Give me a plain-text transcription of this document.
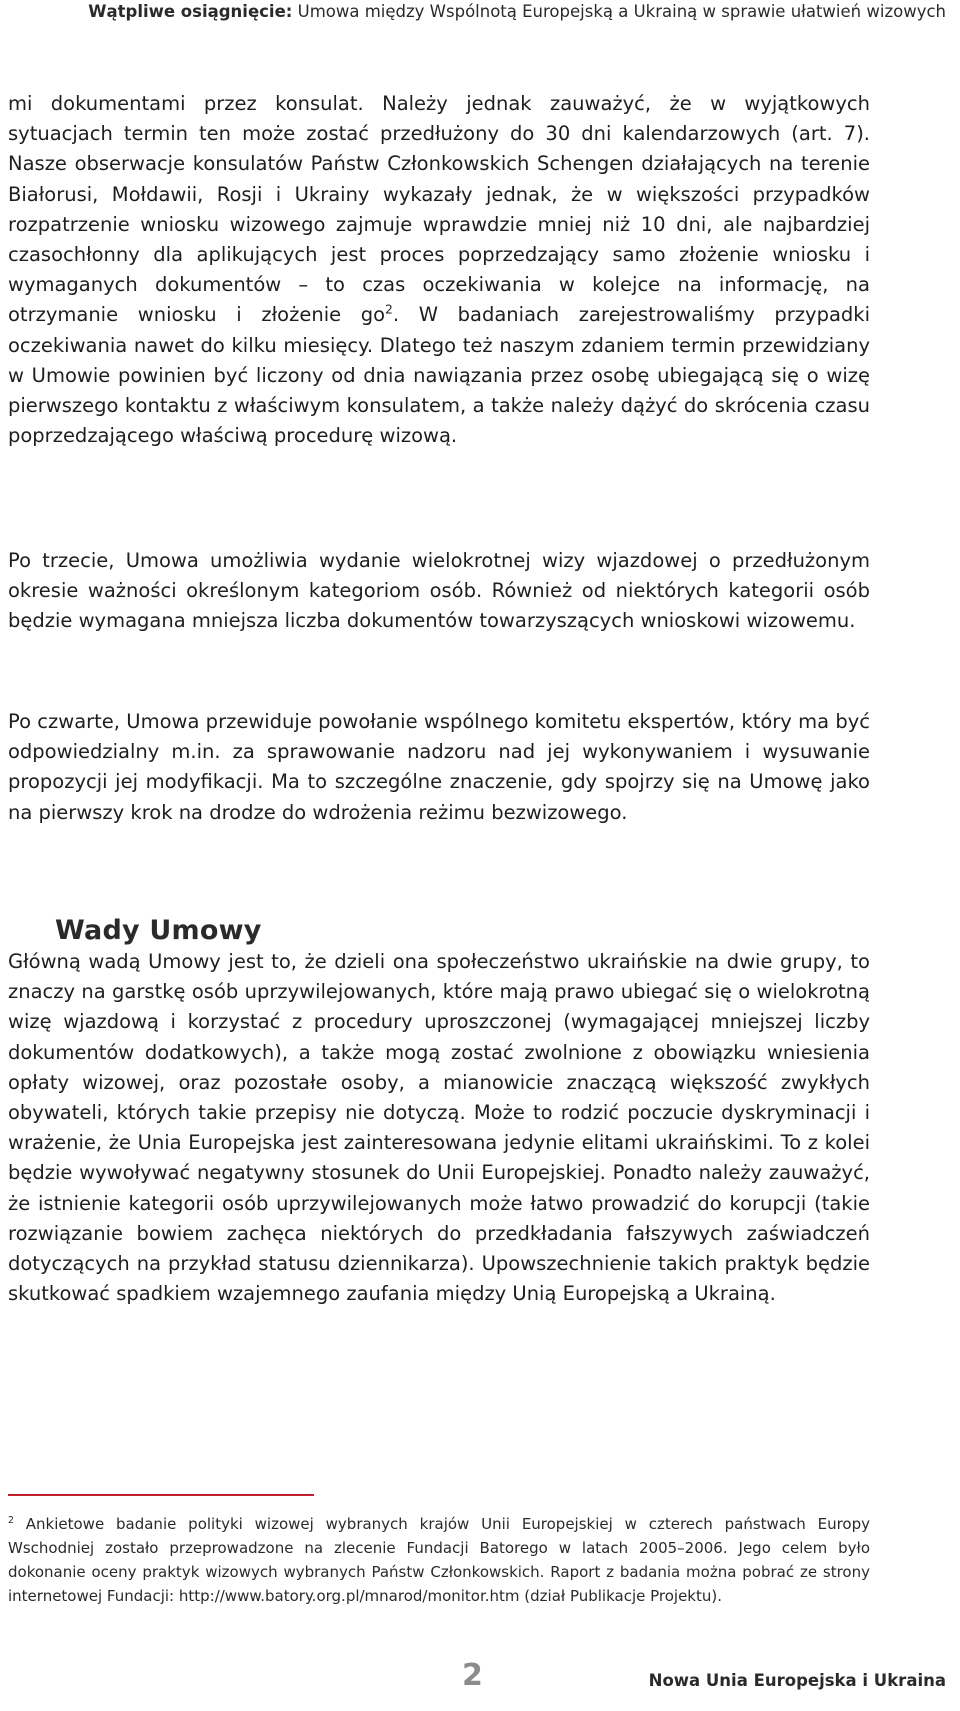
Wątpliwe osiągnięcie: Umowa między Wspólnotą Europejską a Ukrainą w sprawie ułatwień wizowych

mi dokumentami przez konsulat. Należy jednak zauważyć, że w wyjątkowych sytuacjach termin ten może zostać przedłużony do 30 dni kalendarzowych (art. 7). Nasze obserwacje konsulatów Państw Członkowskich Schengen działających na terenie Białorusi, Mołdawii, Rosji i Ukrainy wykazały jednak, że w większości przypadków rozpatrzenie wniosku wizowego zajmuje wprawdzie mniej niż 10 dni, ale najbardziej czasochłonny dla aplikujących jest proces poprzedzający samo złożenie wniosku i wymaganych dokumentów – to czas oczekiwania w kolejce na informację, na otrzymanie wniosku i złożenie $go^2$. W badaniach zarejestrowaliśmy przypadki oczekiwania nawet do kilku miesięcy. Dlatego też naszym zdaniem termin przewidziany w Umowie powinien być liczony od dnia nawiązania przez osobę ubiegającą się o wizę pierwszego kontaktu z właściwym konsulatem, a także należy dążyć do skrócenia czasu poprzedzającego właściwą procedurę wizową.

Po trzecie, Umowa umożliwia wydanie wielokrotnej wizy wjazdowej o przedłużonym okresie ważności określonym kategoriom osób. Również od niektórych kategorii osób będzie wymagana mniejsza liczba dokumentów towarzyszących wnioskowi wizowemu.

Po czwarte, Umowa przewiduje powołanie wspólnego komitetu ekspertów, który ma być odpowiedzialny m.in. za sprawowanie nadzoru nad jej wykonywaniem i wysuwanie propozycji jej modyfikacji. Ma to szczególne znaczenie, gdy spojrzy się na Umowę jako na pierwszy krok na drodze do wdrożenia reżimu bezwizowego.

Wady Umowy

Główną wadą Umowy jest to, że dzieli ona społeczeństwo ukraińskie na dwie grupy, to znaczy na garstkę osób uprzywilejowanych, które mają prawo ubiegać się o wielokrotną wizę wjazdową i korzystać z procedury uproszczonej (wymagającej mniejszej liczby dokumentów dodatkowych), a także mogą zostać zwolnione z obowiązku wniesienia opłaty wizowej, oraz pozostałe osoby, a mianowicie znaczącą większość zwykłych obywateli, których takie przepisy nie dotyczą. Może to rodzić poczucie dyskryminacji i wrażenie, że Unia Europejska jest zainteresowana jedynie elitami ukraińskimi. To z kolei będzie wywoływać negatywny stosunek do Unii Europejskiej. Ponadto należy zauważyć, że istnienie kategorii osób uprzywilejowanych może łatwo prowadzić do korupcji (takie rozwiązanie bowiem zachęca niektórych do przedkładania fałszywych zaświadczeń dotyczących na przykład statusu dziennikarza). Upowszechnienie takich praktyk będzie skutkować spadkiem wzajemnego zaufania między Unią Europejską a Ukrainą.

$^2$ Ankietowe badanie polityki wizowej wybranych krajów Unii Europejskiej w czterech państwach Europy Wschodniej zostało przeprowadzone na zlecenie Fundacji Batorego w latach 2005–2006. Jego celem było dokonanie oceny praktyk wizowych wybranych Państw Członkowskich. Raport z badania można pobrać ze strony internetowej Fundacji: http://www.batory.org.pl/mnarod/monitor.htm (dział Publikacje Projektu).

2	Nowa Unia Europejska i Ukraina
